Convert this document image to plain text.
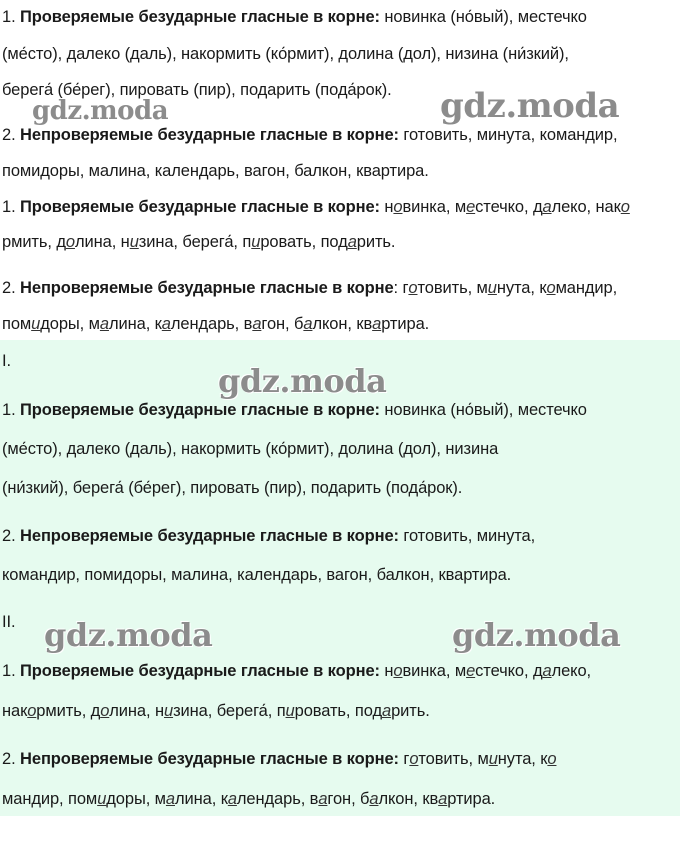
1. Проверяемые безударные гласные в корне: новинка (но́вый), местечко
(ме́сто), далеко (даль), накормить (ко́рмит), долина (дол), низина (ни́зкий),
берега́ (бе́рег), пировать (пир), подарить (пода́рок).
2. Непроверяемые безударные гласные в корне: готовить, минута, командир,
помидоры, малина, календарь, вагон, балкон, квартира.
1. Проверяемые безударные гласные в корне: новинка, местечко, далеко, нако
рмить, долина, низина, берега́, пировать, подарить.
2. Непроверяемые безударные гласные в корне: готовить, минута, командир,
помидоры, малина, календарь, вагон, балкон, квартира.
gdz.moda	gdz.moda
I.
1. Проверяемые безударные гласные в корне: новинка (но́вый), местечко
(ме́сто), далеко (даль), накормить (ко́рмит), долина (дол), низина
(ни́зкий), берега́ (бе́рег), пировать (пир), подарить (пода́рок).
2. Непроверяемые безударные гласные в корне: готовить, минута,
командир, помидоры, малина, календарь, вагон, балкон, квартира.
II.
1. Проверяемые безударные гласные в корне: новинка, местечко, далеко,
накормить, долина, низина, берега́, пировать, подарить.
2. Непроверяемые безударные гласные в корне: готовить, минута, ко
мандир, помидоры, малина, календарь, вагон, балкон, квартира.
gdz.moda
gdz.moda	gdz.moda
